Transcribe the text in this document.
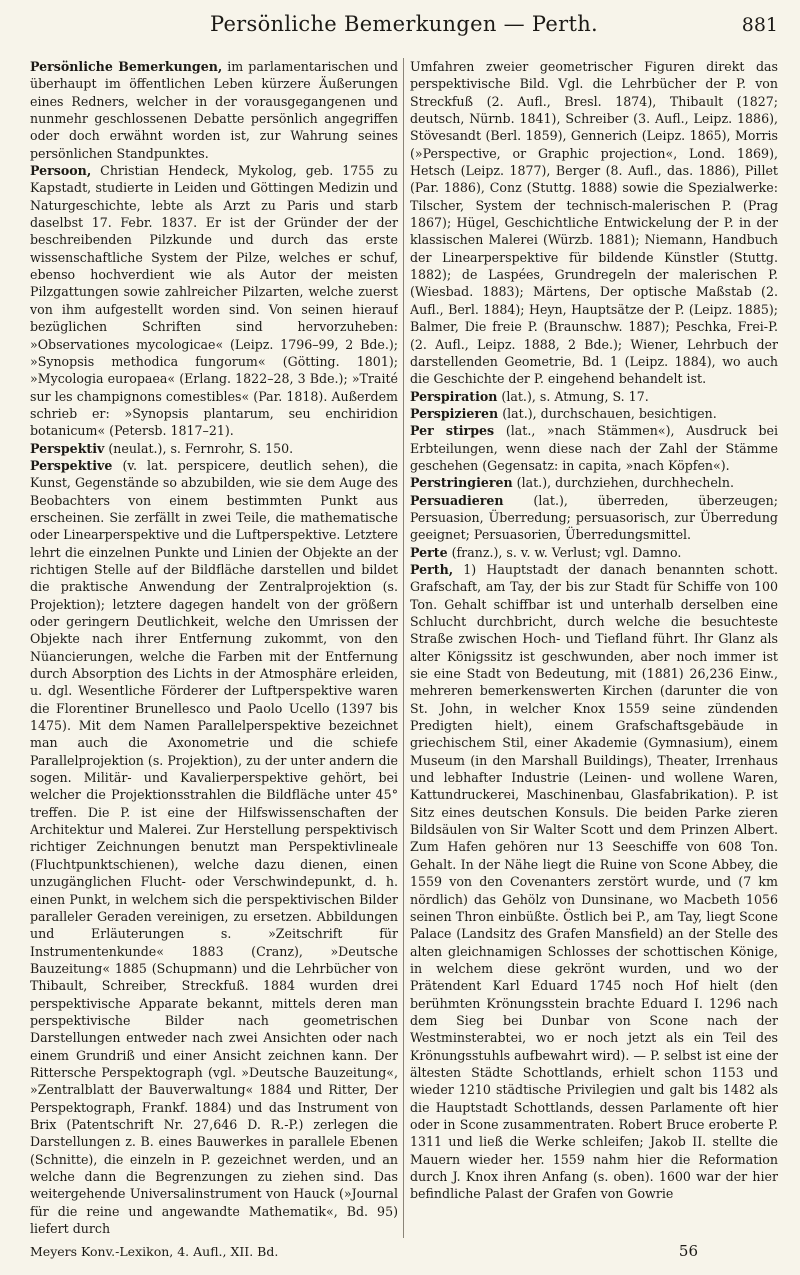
Persönliche Bemerkungen — Perth.	881

Persönliche Bemerkungen, im parlamentarischen und überhaupt im öffentlichen Leben kürzere Äußerungen eines Redners, welcher in der vorausgegangenen und nunmehr geschlossenen Debatte persönlich angegriffen oder doch erwähnt worden ist, zur Wahrung seines persönlichen Standpunktes.

Persoon, Christian Hendeck, Mykolog, geb. 1755 zu Kapstadt, studierte in Leiden und Göttingen Medizin und Naturgeschichte, lebte als Arzt zu Paris und starb daselbst 17. Febr. 1837. Er ist der Gründer der der beschreibenden Pilzkunde und durch das erste wissenschaftliche System der Pilze, welches er schuf, ebenso hochverdient wie als Autor der meisten Pilzgattungen sowie zahlreicher Pilzarten, welche zuerst von ihm aufgestellt worden sind. Von seinen hierauf bezüglichen Schriften sind hervorzuheben: »Observationes mycologicae« (Leipz. 1796–99, 2 Bde.); »Synopsis methodica fungorum« (Götting. 1801); »Mycologia europaea« (Erlang. 1822–28, 3 Bde.); »Traité sur les champignons comestibles« (Par. 1818). Außerdem schrieb er: »Synopsis plantarum, seu enchiridion botanicum« (Petersb. 1817–21).

Perspektiv (neulat.), s. Fernrohr, S. 150.

Perspektive (v. lat. perspicere, deutlich sehen), die Kunst, Gegenstände so abzubilden, wie sie dem Auge des Beobachters von einem bestimmten Punkt aus erscheinen. Sie zerfällt in zwei Teile, die mathematische oder Linearperspektive und die Luftperspektive. Letztere lehrt die einzelnen Punkte und Linien der Objekte an der richtigen Stelle auf der Bildfläche darstellen und bildet die praktische Anwendung der Zentralprojektion (s. Projektion); letztere dagegen handelt von der größern oder geringern Deutlichkeit, welche den Umrissen der Objekte nach ihrer Entfernung zukommt, von den Nüancierungen, welche die Farben mit der Entfernung durch Absorption des Lichts in der Atmosphäre erleiden, u. dgl. Wesentliche Förderer der Luftperspektive waren die Florentiner Brunellesco und Paolo Ucello (1397 bis 1475). Mit dem Namen Parallelperspektive bezeichnet man auch die Axonometrie und die schiefe Parallelprojektion (s. Projektion), zu der unter andern die sogen. Militär- und Kavalierperspektive gehört, bei welcher die Projektionsstrahlen die Bildfläche unter 45° treffen. Die P. ist eine der Hilfswissenschaften der Architektur und Malerei. Zur Herstellung perspektivisch richtiger Zeichnungen benutzt man Perspektivlineale (Fluchtpunktschienen), welche dazu dienen, einen unzugänglichen Flucht- oder Verschwindepunkt, d. h. einen Punkt, in welchem sich die perspektivischen Bilder paralleler Geraden vereinigen, zu ersetzen. Abbildungen und Erläuterungen s. »Zeitschrift für Instrumentenkunde« 1883 (Cranz), »Deutsche Bauzeitung« 1885 (Schupmann) und die Lehrbücher von Thibault, Schreiber, Streckfuß. 1884 wurden drei perspektivische Apparate bekannt, mittels deren man perspektivische Bilder nach geometrischen Darstellungen entweder nach zwei Ansichten oder nach einem Grundriß und einer Ansicht zeichnen kann. Der Rittersche Perspektograph (vgl. »Deutsche Bauzeitung«, »Zentralblatt der Bauverwaltung« 1884 und Ritter, Der Perspektograph, Frankf. 1884) und das Instrument von Brix (Patentschrift Nr. 27,646 D. R.-P.) zerlegen die Darstellungen z. B. eines Bauwerkes in parallele Ebenen (Schnitte), die einzeln in P. gezeichnet werden, und an welche dann die Begrenzungen zu ziehen sind. Das weitergehende Universalinstrument von Hauck (»Journal für die reine und angewandte Mathematik«, Bd. 95) liefert durch

Umfahren zweier geometrischer Figuren direkt das perspektivische Bild. Vgl. die Lehrbücher der P. von Streckfuß (2. Aufl., Bresl. 1874), Thibault (1827; deutsch, Nürnb. 1841), Schreiber (3. Aufl., Leipz. 1886), Stövesandt (Berl. 1859), Gennerich (Leipz. 1865), Morris (»Perspective, or Graphic projection«, Lond. 1869), Hetsch (Leipz. 1877), Berger (8. Aufl., das. 1886), Pillet (Par. 1886), Conz (Stuttg. 1888) sowie die Spezialwerke: Tilscher, System der technisch-malerischen P. (Prag 1867); Hügel, Geschichtliche Entwickelung der P. in der klassischen Malerei (Würzb. 1881); Niemann, Handbuch der Linearperspektive für bildende Künstler (Stuttg. 1882); de Laspées, Grundregeln der malerischen P. (Wiesbad. 1883); Märtens, Der optische Maßstab (2. Aufl., Berl. 1884); Heyn, Hauptsätze der P. (Leipz. 1885); Balmer, Die freie P. (Braunschw. 1887); Peschka, Frei-P. (2. Aufl., Leipz. 1888, 2 Bde.); Wiener, Lehrbuch der darstellenden Geometrie, Bd. 1 (Leipz. 1884), wo auch die Geschichte der P. eingehend behandelt ist.

Perspiration (lat.), s. Atmung, S. 17.

Perspizieren (lat.), durchschauen, besichtigen.

Per stirpes (lat., »nach Stämmen«), Ausdruck bei Erbteilungen, wenn diese nach der Zahl der Stämme geschehen (Gegensatz: in capita, »nach Köpfen«).

Perstringieren (lat.), durchziehen, durchhecheln.

Persuadieren (lat.), überreden, überzeugen; Persuasion, Überredung; persuasorisch, zur Überredung geeignet; Persuasorien, Überredungsmittel.

Perte (franz.), s. v. w. Verlust; vgl. Damno.

Perth, 1) Hauptstadt der danach benannten schott. Grafschaft, am Tay, der bis zur Stadt für Schiffe von 100 Ton. Gehalt schiffbar ist und unterhalb derselben eine Schlucht durchbricht, durch welche die besuchteste Straße zwischen Hoch- und Tiefland führt. Ihr Glanz als alter Königssitz ist geschwunden, aber noch immer ist sie eine Stadt von Bedeutung, mit (1881) 26,236 Einw., mehreren bemerkenswerten Kirchen (darunter die von St. John, in welcher Knox 1559 seine zündenden Predigten hielt), einem Grafschaftsgebäude in griechischem Stil, einer Akademie (Gymnasium), einem Museum (in den Marshall Buildings), Theater, Irrenhaus und lebhafter Industrie (Leinen- und wollene Waren, Kattundruckerei, Maschinenbau, Glasfabrikation). P. ist Sitz eines deutschen Konsuls. Die beiden Parke zieren Bildsäulen von Sir Walter Scott und dem Prinzen Albert. Zum Hafen gehören nur 13 Seeschiffe von 608 Ton. Gehalt. In der Nähe liegt die Ruine von Scone Abbey, die 1559 von den Covenanters zerstört wurde, und (7 km nördlich) das Gehölz von Dunsinane, wo Macbeth 1056 seinen Thron einbüßte. Östlich bei P., am Tay, liegt Scone Palace (Landsitz des Grafen Mansfield) an der Stelle des alten gleichnamigen Schlosses der schottischen Könige, in welchem diese gekrönt wurden, und wo der Prätendent Karl Eduard 1745 noch Hof hielt (den berühmten Krönungsstein brachte Eduard I. 1296 nach dem Sieg bei Dunbar von Scone nach der Westminsterabtei, wo er noch jetzt als ein Teil des Krönungsstuhls aufbewahrt wird). — P. selbst ist eine der ältesten Städte Schottlands, erhielt schon 1153 und wieder 1210 städtische Privilegien und galt bis 1482 als die Hauptstadt Schottlands, dessen Parlamente oft hier oder in Scone zusammentraten. Robert Bruce eroberte P. 1311 und ließ die Werke schleifen; Jakob II. stellte die Mauern wieder her. 1559 nahm hier die Reformation durch J. Knox ihren Anfang (s. oben). 1600 war der hier befindliche Palast der Grafen von Gowrie

Meyers Konv.-Lexikon, 4. Aufl., XII. Bd.	56
